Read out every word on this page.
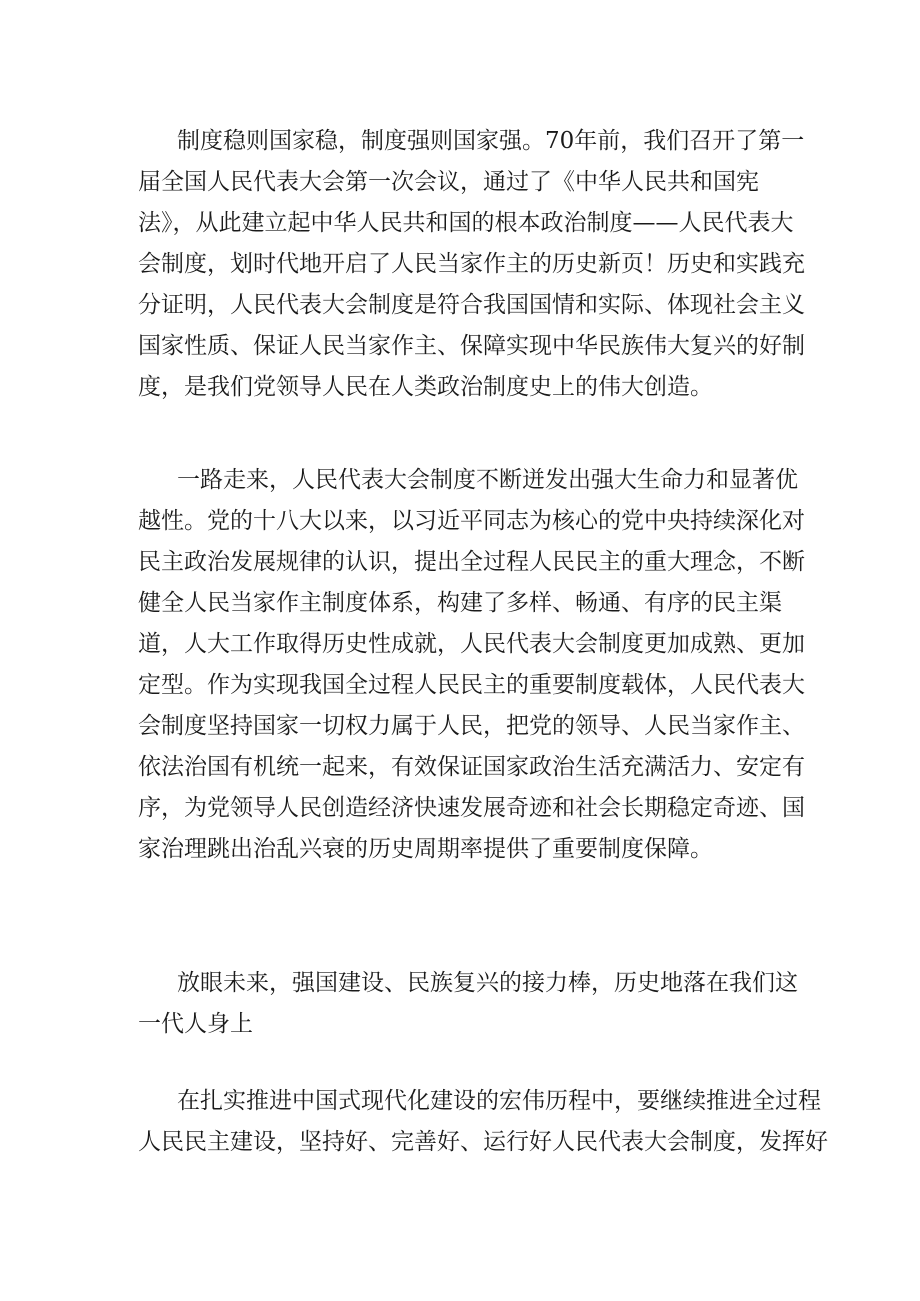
制度稳则国家稳，制度强则国家强。70年前，我们召开了第一

届全国人民代表大会第一次会议，通过了《中华人民共和国宪

法》，从此建立起中华人民共和国的根本政治制度——人民代表大

会制度，划时代地开启了人民当家作主的历史新页！历史和实践充

分证明，人民代表大会制度是符合我国国情和实际、体现社会主义

国家性质、保证人民当家作主、保障实现中华民族伟大复兴的好制

度，是我们党领导人民在人类政治制度史上的伟大创造。

一路走来，人民代表大会制度不断迸发出强大生命力和显著优

越性。党的十八大以来，以习近平同志为核心的党中央持续深化对

民主政治发展规律的认识，提出全过程人民民主的重大理念，不断

健全人民当家作主制度体系，构建了多样、畅通、有序的民主渠

道，人大工作取得历史性成就，人民代表大会制度更加成熟、更加

定型。作为实现我国全过程人民民主的重要制度载体，人民代表大

会制度坚持国家一切权力属于人民，把党的领导、人民当家作主、

依法治国有机统一起来，有效保证国家政治生活充满活力、安定有

序，为党领导人民创造经济快速发展奇迹和社会长期稳定奇迹、国

家治理跳出治乱兴衰的历史周期率提供了重要制度保障。

放眼未来，强国建设、民族复兴的接力棒，历史地落在我们这

一代人身上

在扎实推进中国式现代化建设的宏伟历程中，要继续推进全过程

人民民主建设，坚持好、完善好、运行好人民代表大会制度，发挥好
